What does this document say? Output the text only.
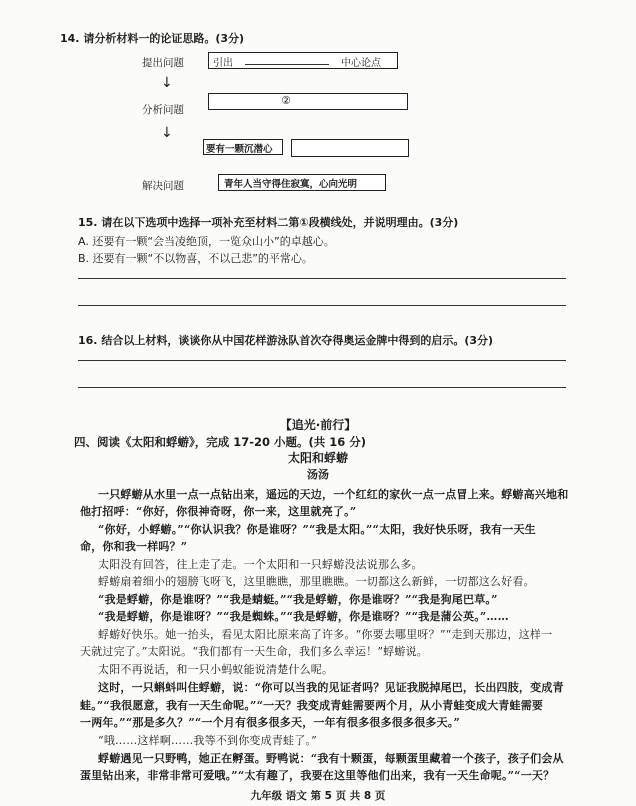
14. 请分析材料一的论证思路。(3分)
提出问题	引出	中心论点
↓
分析问题
②
↓
要有一颗沉潜心
解决问题	青年人当守得住寂寞，心向光明
15. 请在以下选项中选择一项补充至材料二第①段横线处，并说明理由。(3分)
A. 还要有一颗“会当凌绝顶，一览众山小”的卓越心。
B. 还要有一颗“不以物喜，不以己悲”的平常心。
16. 结合以上材料，谈谈你从中国花样游泳队首次夺得奥运金牌中得到的启示。(3分)
【追光·前行】
四、阅读《太阳和蜉蝣》，完成 17-20 小题。(共 16 分)
太阳和蜉蝣
汤汤
一只蜉蝣从水里一点一点钻出来，遥远的天边，一个红红的家伙一点一点冒上来。蜉蝣高兴地和
他打招呼：“你好，你很神奇呀，你一来，这里就亮了。”
“你好，小蜉蝣。”“你认识我？你是谁呀？”“我是太阳。”“太阳，我好快乐呀，我有一天生
命，你和我一样吗？”
太阳没有回答，往上走了走。一个太阳和一只蜉蝣没法说那么多。
蜉蝣扇着细小的翅膀飞呀飞，这里瞧瞧，那里瞧瞧。一切都这么新鲜，一切都这么好看。
“我是蜉蝣，你是谁呀？”“我是蜻蜓。”“我是蜉蝣，你是谁呀？”“我是狗尾巴草。”
“我是蜉蝣，你是谁呀？”“我是蜘蛛。”“我是蜉蝣，你是谁呀？”“我是蒲公英。”……
蜉蝣好快乐。她一抬头，看见太阳比原来高了许多。“你要去哪里呀？”“走到天那边，这样一
天就过完了。”太阳说。“我们都有一天生命，我们多么幸运！”蜉蝣说。
太阳不再说话，和一只小蚂蚁能说清楚什么呢。
这时，一只蝌蚪叫住蜉蝣，说：“你可以当我的见证者吗？见证我脱掉尾巴，长出四肢，变成青
蛙。”“我很愿意，我有一天生命呢。”“一天？我变成青蛙需要两个月，从小青蛙变成大青蛙需要
一两年。”“那是多久？”“一个月有很多很多天，一年有很多很多很多很多天。”
“哦……这样啊……我等不到你变成青蛙了。”
蜉蝣遇见一只野鸭，她正在孵蛋。野鸭说：“我有十颗蛋，每颗蛋里藏着一个孩子，孩子们会从
蛋里钻出来，非常非常可爱哦。”“太有趣了，我要在这里等他们出来，我有一天生命呢。”“一天？
九年级 语文 第 5 页 共 8 页
